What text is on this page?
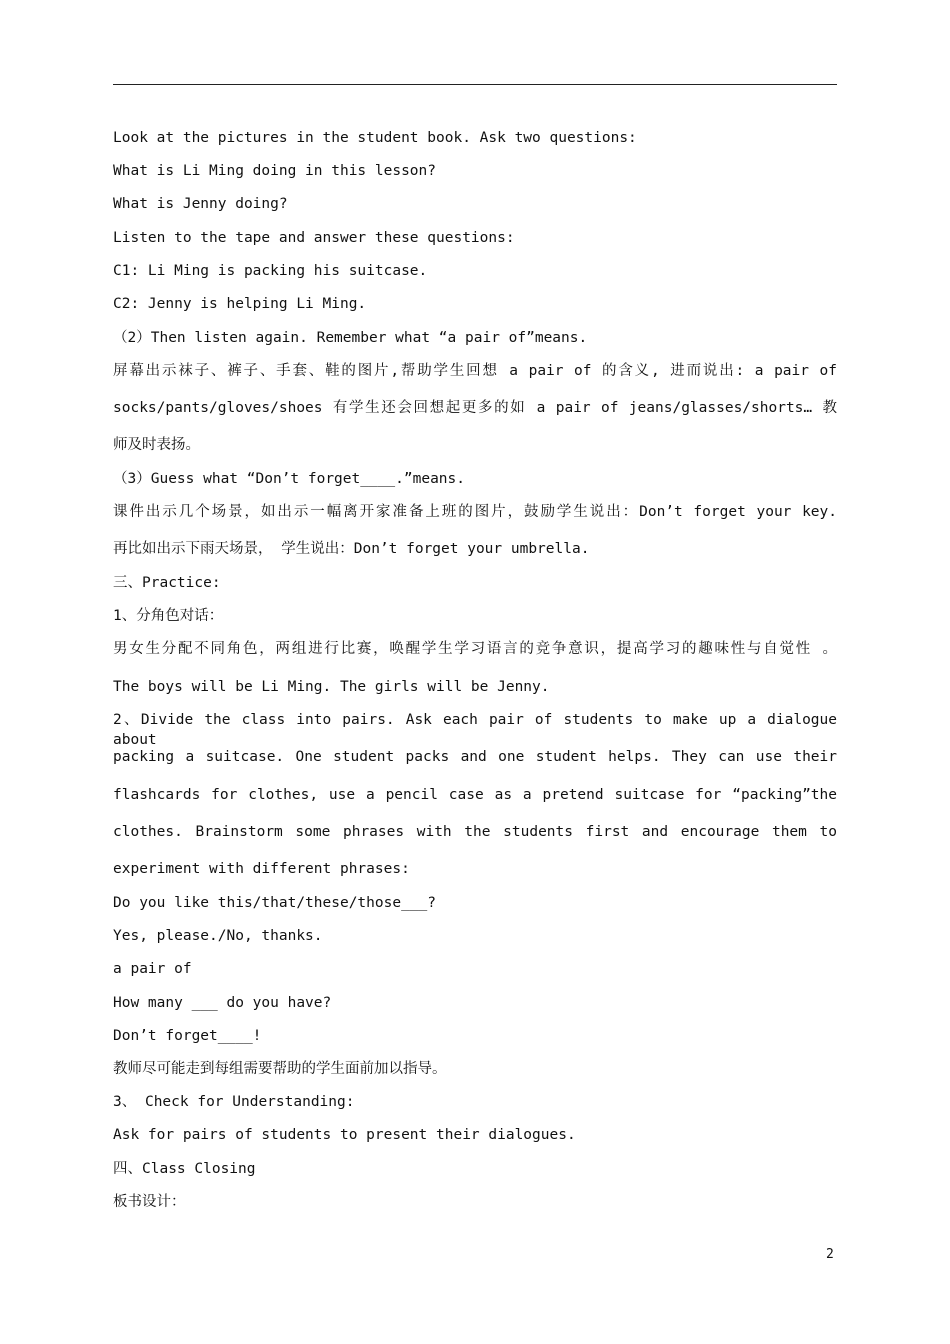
Look at the pictures in the student book. Ask two questions:
What is Li Ming doing in this lesson?
What is Jenny doing?
Listen to the tape and answer these questions:
C1: Li Ming is packing his suitcase.
C2: Jenny is helping Li Ming.
（2）Then listen again. Remember what “a pair of”means.
屏幕出示袜子、裤子、手套、鞋的图片,帮助学生回想 a pair of 的含义, 进而说出: a pair of
socks/pants/gloves/shoes 有学生还会回想起更多的如 a pair of jeans/glasses/shorts… 教
师及时表扬。
（3）Guess what “Don’t forget____.”means.
课件出示几个场景，如出示一幅离开家准备上班的图片，鼓励学生说出：Don’t forget your key.
再比如出示下雨天场景， 学生说出：Don’t forget your umbrella.
三、Practice:
1、分角色对话：
男女生分配不同角色，两组进行比赛，唤醒学生学习语言的竞争意识，提高学习的趣味性与自觉性 。
The boys will be Li Ming. The girls will be Jenny.
2、Divide the class into pairs. Ask each pair of students to make up a dialogue about
packing a suitcase. One student packs and one student helps. They can use their
flashcards for clothes, use a pencil case as a pretend suitcase for “packing”the
clothes. Brainstorm some phrases with the students first and encourage them to
experiment with different phrases:
Do you like this/that/these/those___?
Yes, please./No, thanks.
a pair of
How many ___ do you have?
Don’t forget____!
教师尽可能走到每组需要帮助的学生面前加以指导。
3、 Check for Understanding:
Ask for pairs of students to present their dialogues.
四、Class Closing
板书设计：
2
